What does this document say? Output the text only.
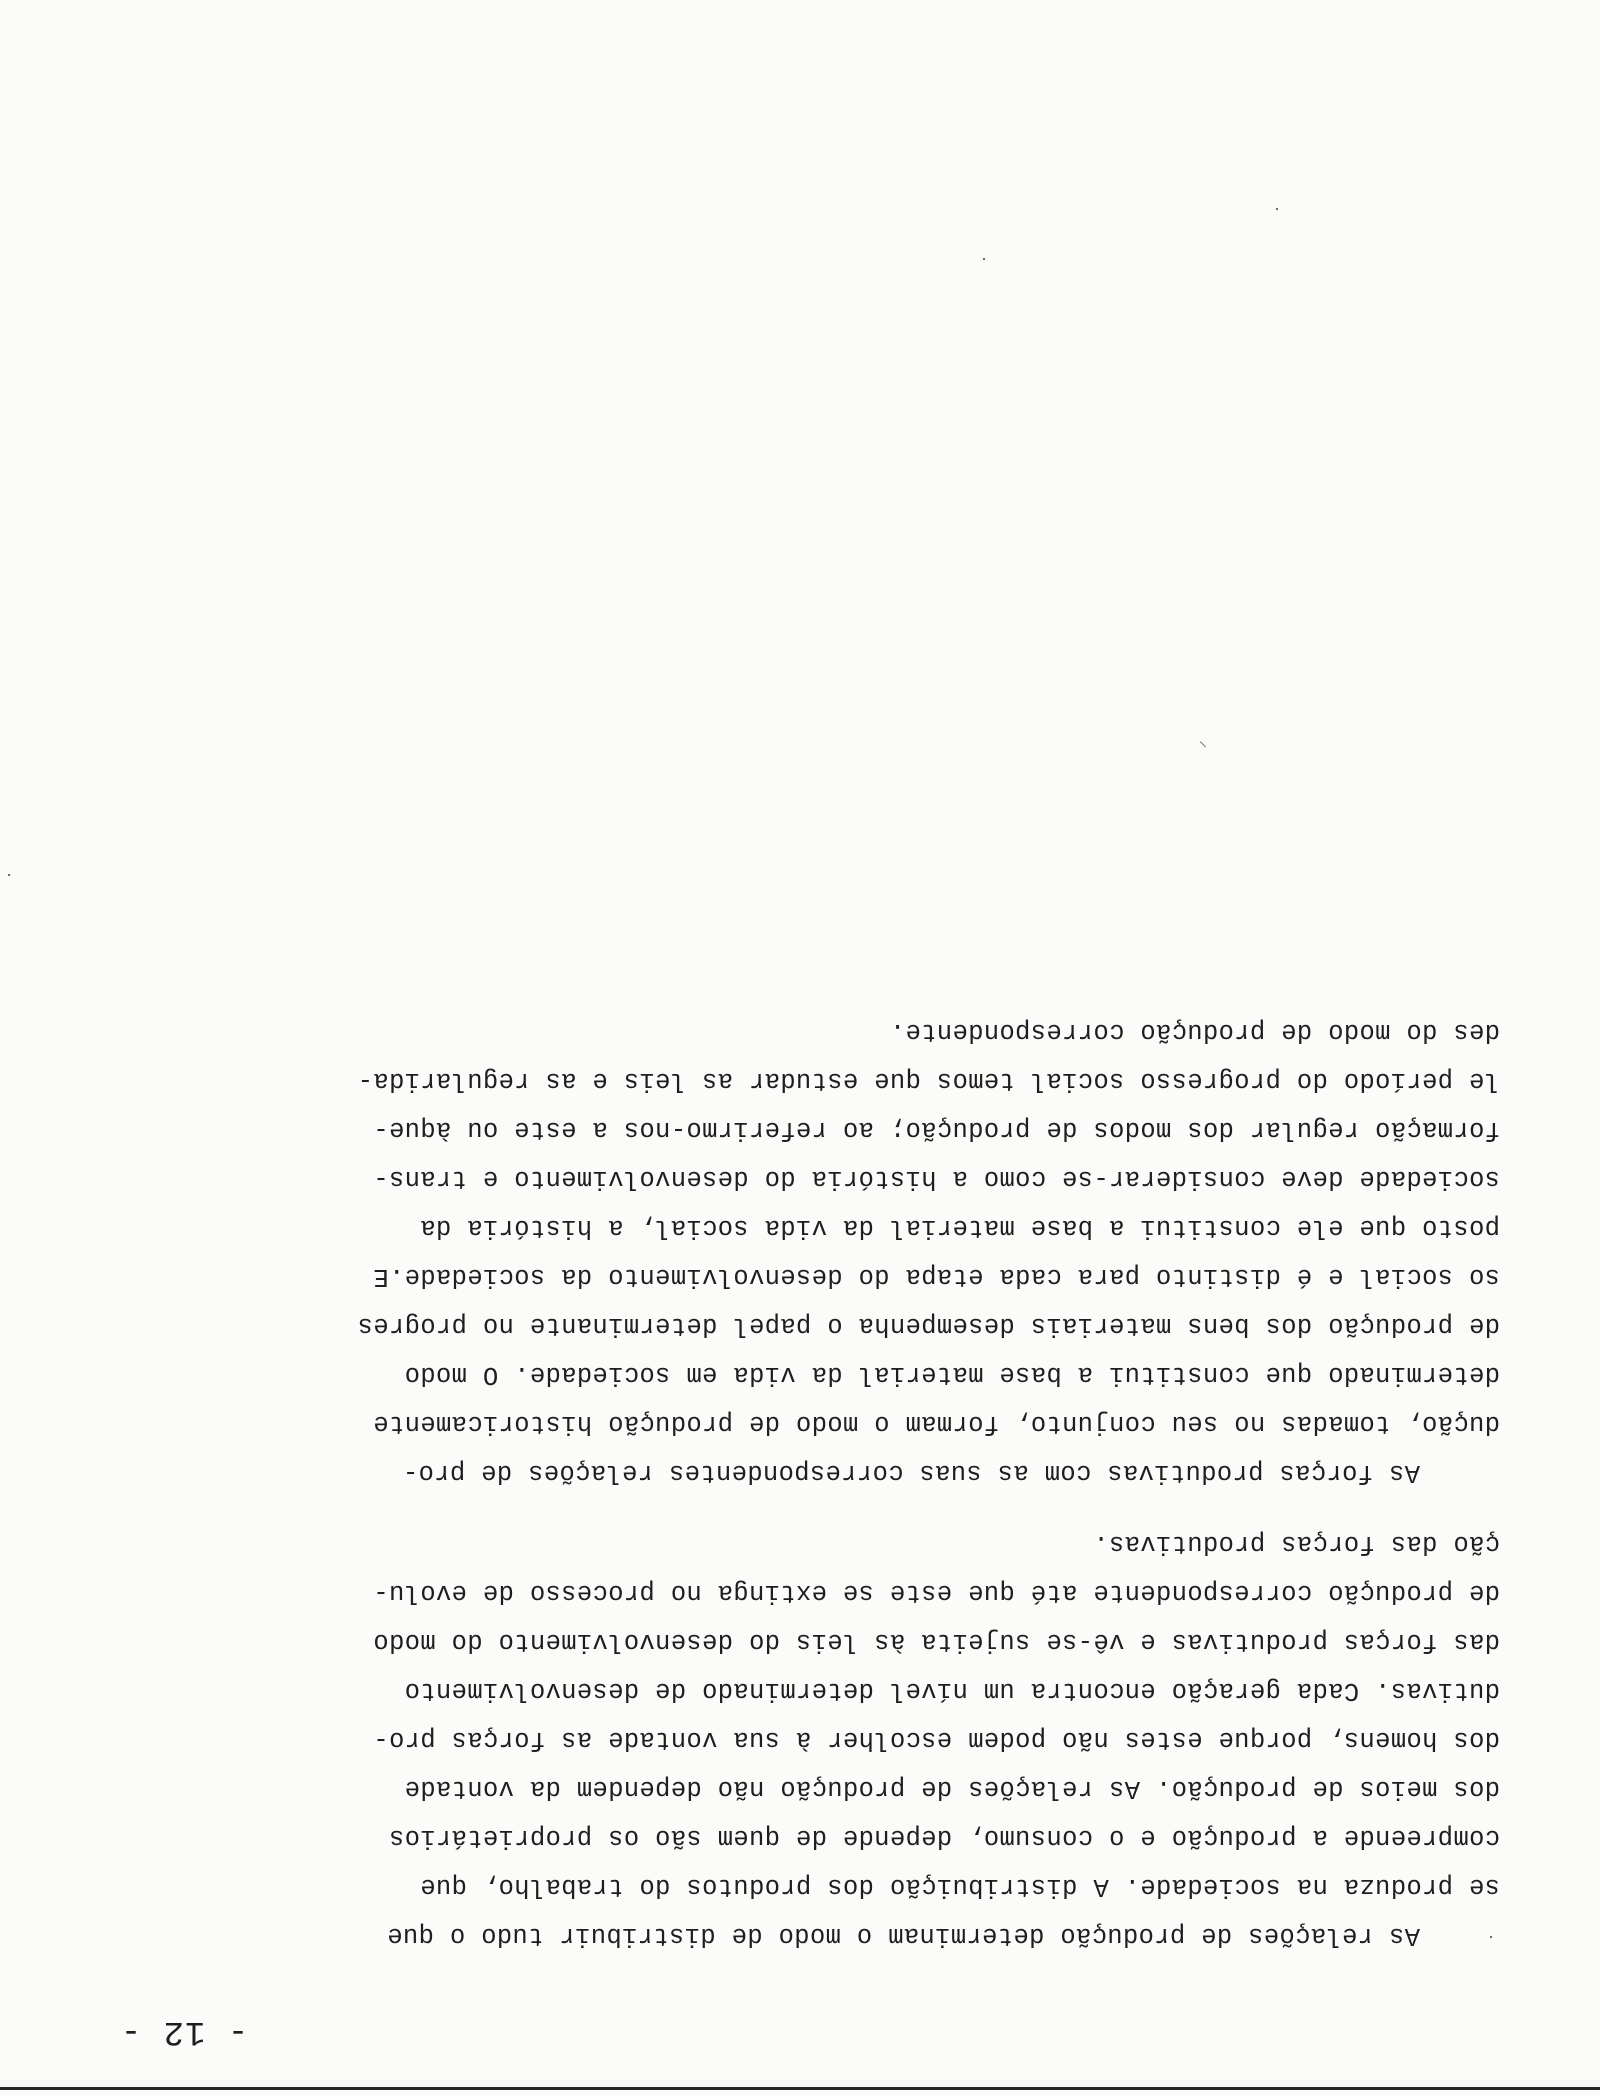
- 12 -
As relações de produção determinam o modo de distribuir tudo o que
se produza na sociedade. A distribuição dos produtos do trabalho, que
compreende a produção e o consumo, depende de quem são os proprietários
dos meios de produção. As relações de produção não dependem da vontade
dos homens, porque estes não podem escolher à sua vontade as forças pro-
dutivas. Cada geração encontra um nível determinado de desenvolvimento
das forças produtivas e vê-se sujeita às leis do desenvolvimento do modo
de produção correspondente até que este se extinga no processo de evolu-
ção das forças produtivas.
As forças produtivas com as suas correspondentes relações de pro-
dução, tomadas no seu conjunto, formam o modo de produção historicamente
determinado que constitui a base material da vida em sociedade. O modo
de produção dos bens materiais desempenha o papel determinante no progres
so social e é distinto para cada etapa do desenvolvimento da sociedade.E
posto que ele constitui a base material da vida social, a história da
sociedade deve considerar-se como a história do desenvolvimento e trans-
formação regular dos modos de produção; ao referirmo-nos a este ou àque-
le período do progresso social temos que estudar as leis e as regularida-
des do modo de produção correspondente.
⸌
